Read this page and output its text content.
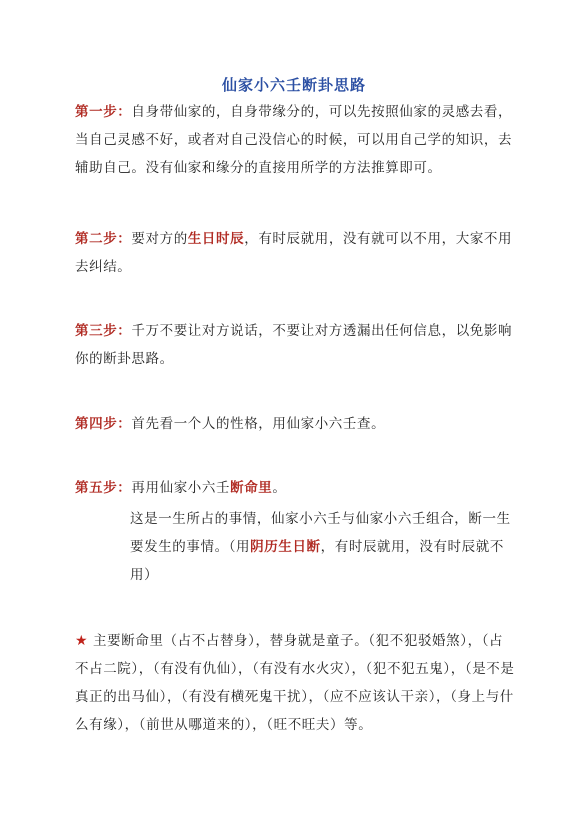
仙家小六壬断卦思路
第一步：自身带仙家的，自身带缘分的，可以先按照仙家的灵感去看，当自己灵感不好，或者对自己没信心的时候，可以用自己学的知识，去辅助自己。没有仙家和缘分的直接用所学的方法推算即可。
第二步：要对方的生日时辰，有时辰就用，没有就可以不用，大家不用去纠结。
第三步：千万不要让对方说话，不要让对方透漏出任何信息，以免影响你的断卦思路。
第四步：首先看一个人的性格，用仙家小六壬查。
第五步：再用仙家小六壬断命里。
这是一生所占的事情，仙家小六壬与仙家小六壬组合，断一生要发生的事情。（用阴历生日断，有时辰就用，没有时辰就不用）
★ 主要断命里（占不占替身），替身就是童子。（犯不犯驳婚煞），（占不占二院），（有没有仇仙），（有没有水火灾），（犯不犯五鬼），（是不是真正的出马仙），（有没有横死鬼干扰），（应不应该认干亲），（身上与什么有缘），（前世从哪道来的），（旺不旺夫）等。
